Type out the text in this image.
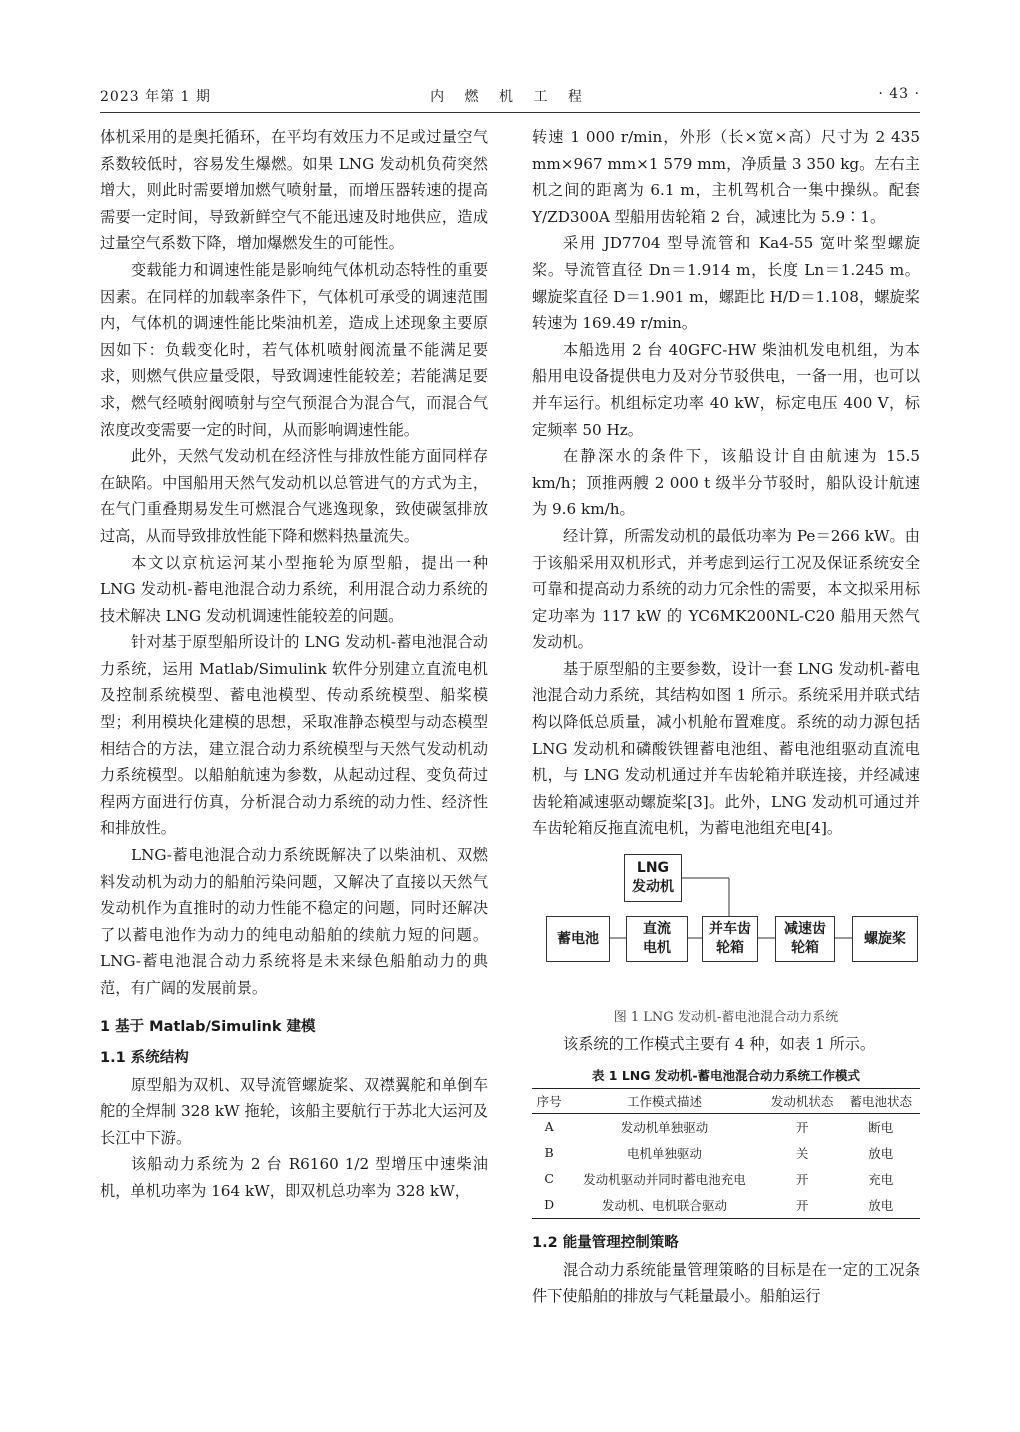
2023 年第 1 期	内 燃 机 工 程	· 43 ·

体机采用的是奥托循环，在平均有效压力不足或过量空气系数较低时，容易发生爆燃。如果 LNG 发动机负荷突然增大，则此时需要增加燃气喷射量，而增压器转速的提高需要一定时间，导致新鲜空气不能迅速及时地供应，造成过量空气系数下降，增加爆燃发生的可能性。

变载能力和调速性能是影响纯气体机动态特性的重要因素。在同样的加载率条件下，气体机可承受的调速范围内，气体机的调速性能比柴油机差，造成上述现象主要原因如下：负载变化时，若气体机喷射阀流量不能满足要求，则燃气供应量受限，导致调速性能较差；若能满足要求，燃气经喷射阀喷射与空气预混合为混合气，而混合气浓度改变需要一定的时间，从而影响调速性能。

此外，天然气发动机在经济性与排放性能方面同样存在缺陷。中国船用天然气发动机以总管进气的方式为主，在气门重叠期易发生可燃混合气逃逸现象，致使碳氢排放过高，从而导致排放性能下降和燃料热量流失。

本文以京杭运河某小型拖轮为原型船，提出一种 LNG 发动机-蓄电池混合动力系统，利用混合动力系统的技术解决 LNG 发动机调速性能较差的问题。

针对基于原型船所设计的 LNG 发动机-蓄电池混合动力系统，运用 Matlab/Simulink 软件分别建立直流电机及控制系统模型、蓄电池模型、传动系统模型、船桨模型；利用模块化建模的思想，采取准静态模型与动态模型相结合的方法，建立混合动力系统模型与天然气发动机动力系统模型。以船舶航速为参数，从起动过程、变负荷过程两方面进行仿真，分析混合动力系统的动力性、经济性和排放性。

LNG-蓄电池混合动力系统既解决了以柴油机、双燃料发动机为动力的船舶污染问题，又解决了直接以天然气发动机作为直推时的动力性能不稳定的问题，同时还解决了以蓄电池作为动力的纯电动船舶的续航力短的问题。LNG-蓄电池混合动力系统将是未来绿色船舶动力的典范，有广阔的发展前景。

1 基于 Matlab/Simulink 建模
1.1 系统结构

原型船为双机、双导流管螺旋桨、双襟翼舵和单倒车舵的全焊制 328 kW 拖轮，该船主要航行于苏北大运河及长江中下游。

该船动力系统为 2 台 R6160 1/2 型增压中速柴油机，单机功率为 164 kW，即双机总功率为 328 kW，

转速 1 000 r/min，外形（长×宽×高）尺寸为 2 435 mm×967 mm×1 579 mm，净质量 3 350 kg。左右主机之间的距离为 6.1 m，主机驾机合一集中操纵。配套 Y/ZD300A 型船用齿轮箱 2 台，减速比为 5.9∶1。

采用 JD7704 型导流管和 Ka4-55 宽叶桨型螺旋桨。导流管直径 Dn＝1.914 m，长度 Ln＝1.245 m。螺旋桨直径 D＝1.901 m，螺距比 H/D＝1.108，螺旋桨转速为 169.49 r/min。

本船选用 2 台 40GFC-HW 柴油机发电机组，为本船用电设备提供电力及对分节驳供电，一备一用，也可以并车运行。机组标定功率 40 kW，标定电压 400 V，标定频率 50 Hz。

在静深水的条件下，该船设计自由航速为 15.5 km/h；顶推两艘 2 000 t 级半分节驳时，船队设计航速为 9.6 km/h。

经计算，所需发动机的最低功率为 Pe＝266 kW。由于该船采用双机形式，并考虑到运行工况及保证系统安全可靠和提高动力系统的动力冗余性的需要，本文拟采用标定功率为 117 kW 的 YC6MK200NL-C20 船用天然气发动机。

基于原型船的主要参数，设计一套 LNG 发动机-蓄电池混合动力系统，其结构如图 1 所示。系统采用并联式结构以降低总质量，减小机舱布置难度。系统的动力源包括 LNG 发动机和磷酸铁锂蓄电池组、蓄电池组驱动直流电机，与 LNG 发动机通过并车齿轮箱并联连接，并经减速齿轮箱减速驱动螺旋桨[3]。此外，LNG 发动机可通过并车齿轮箱反拖直流电机，为蓄电池组充电[4]。

LNG
发动机
蓄电池
直流
电机
并车齿
轮箱
减速齿
轮箱
螺旋桨
图 1 LNG 发动机-蓄电池混合动力系统

该系统的工作模式主要有 4 种，如表 1 所示。

表 1 LNG 发动机-蓄电池混合动力系统工作模式
序号	工作模式描述	发动机状态	蓄电池状态
A	发动机单独驱动	开	断电
B	电机单独驱动	关	放电
C	发动机驱动并同时蓄电池充电	开	充电
D	发动机、电机联合驱动	开	放电
1.2 能量管理控制策略

混合动力系统能量管理策略的目标是在一定的工况条件下使船舶的排放与气耗量最小。船舶运行
